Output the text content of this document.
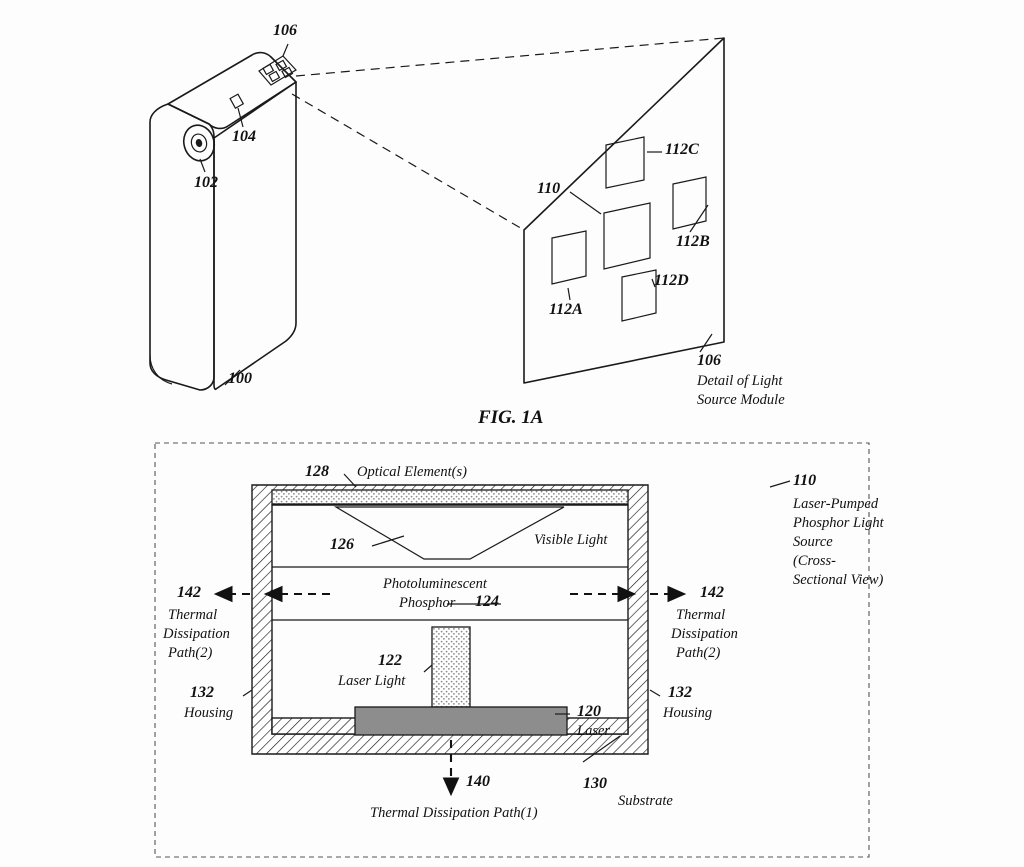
106
104
102
100
110
112C
112B
112A
112D
106
Detail of Light
Source Module
FIG. 1A
128 Optical Element(s)
126	Visible Light
Photoluminescent
Phosphor 124
122
Laser Light
120
Laser
130
Substrate
140
Thermal Dissipation Path(1)
142
Thermal
Dissipation
Path(2)
142
Thermal
Dissipation
Path(2)
132
Housing
132
Housing
110
Laser-Pumped
Phosphor Light
Source
(Cross-
Sectional View)
